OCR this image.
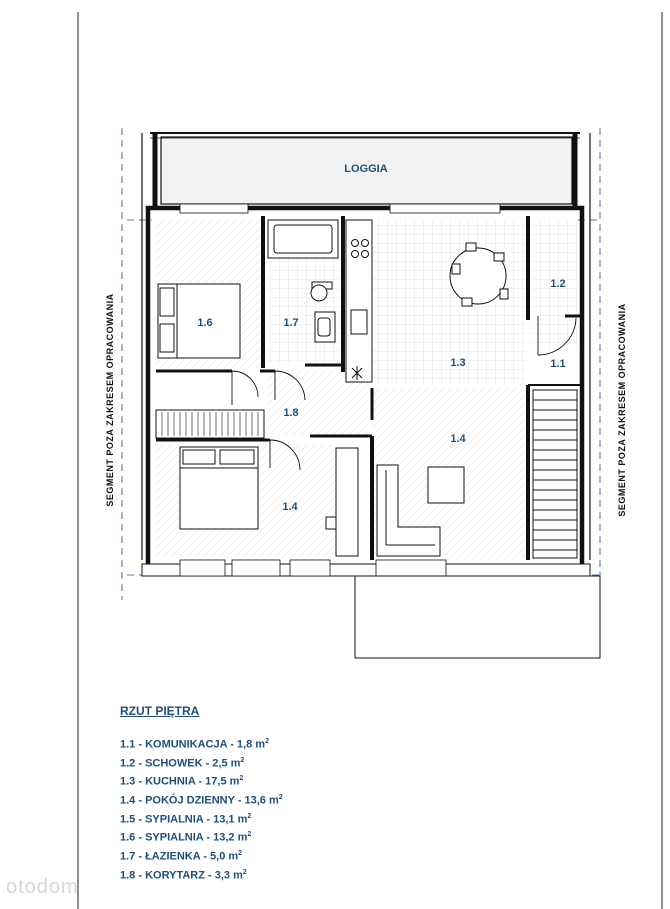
LOGGIA
1.6	1.7
1.2
1.3	1.1
1.8
1.4
1.4
SEGMENT POZA ZAKRESEM OPRACOWANIA	SEGMENT POZA ZAKRESEM OPRACOWANIA
RZUT PIĘTRA
1.1 - KOMUNIKACJA - 1,8 $m^2$
1.2 - SCHOWEK - 2,5 $m^2$
1.3 - KUCHNIA - 17,5 $m^2$
1.4 - POKÓJ DZIENNY - 13,6 $m^2$
1.5 - SYPIALNIA - 13,1 $m^2$
1.6 - SYPIALNIA - 13,2 $m^2$
1.7 - ŁAZIENKA - 5,0 $m^2$
1.8 - KORYTARZ - 3,3 $m^2$
otodom
